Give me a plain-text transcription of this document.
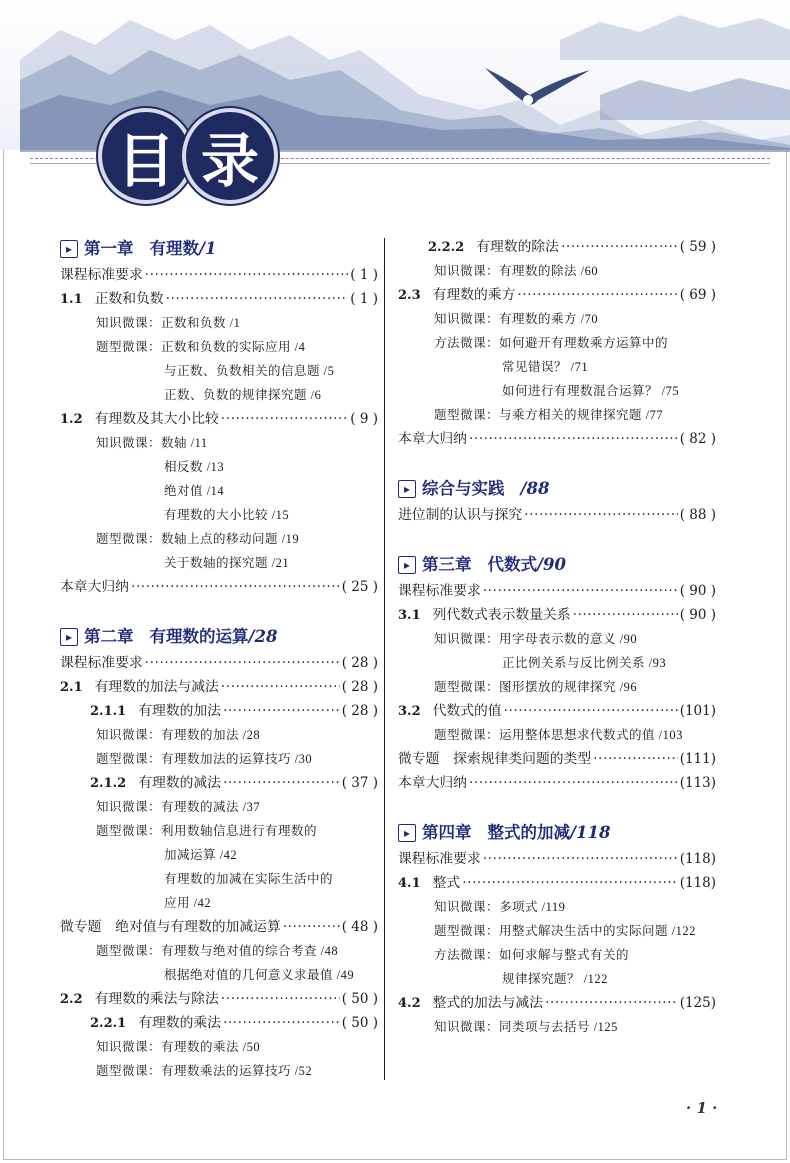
目 录
▸ 第一章 有理数 /1
课程标准要求 ·····	( 1 )
1.1 正数和负数 ·····	( 1 )
知识微课：正数和负数 /1
题型微课：正数和负数的实际应用 /4
与正数、负数相关的信息题 /5
正数、负数的规律探究题 /6
1.2 有理数及其大小比较 ·····	( 9 )
知识微课：数轴 /11
相反数 /13
绝对值 /14
有理数的大小比较 /15
题型微课：数轴上点的移动问题 /19
关于数轴的探究题 /21
本章大归纳 ·····	( 25 )
▸ 第二章 有理数的运算 /28
课程标准要求 ·····	( 28 )
2.1 有理数的加法与减法 ·····	( 28 )
2.1.1 有理数的加法 ·····	( 28 )
知识微课：有理数的加法 /28
题型微课：有理数加法的运算技巧 /30
2.1.2 有理数的减法 ·····	( 37 )
知识微课：有理数的减法 /37
题型微课：利用数轴信息进行有理数的
加减运算 /42
有理数的加减在实际生活中的
应用 /42
微专题　绝对值与有理数的加减运算 ·····	( 48 )
题型微课：有理数与绝对值的综合考查 /48
根据绝对值的几何意义求最值 /49
2.2 有理数的乘法与除法 ·····	( 50 )
2.2.1 有理数的乘法 ·····	( 50 )
知识微课：有理数的乘法 /50
题型微课：有理数乘法的运算技巧 /52
2.2.2 有理数的除法 ·····	( 59 )
知识微课：有理数的除法 /60
2.3 有理数的乘方 ·····	( 69 )
知识微课：有理数的乘方 /70
方法微课：如何避开有理数乘方运算中的
常见错误？ /71
如何进行有理数混合运算？ /75
题型微课：与乘方相关的规律探究题 /77
本章大归纳 ·····	( 82 )
▸ 综合与实践 /88
进位制的认识与探究 ·····	( 88 )
▸ 第三章 代数式 /90
课程标准要求 ·····	( 90 )
3.1 列代数式表示数量关系 ·····	( 90 )
知识微课：用字母表示数的意义 /90
正比例关系与反比例关系 /93
题型微课：图形摆放的规律探究 /96
3.2 代数式的值 ·····	(101)
题型微课：运用整体思想求代数式的值 /103
微专题　探索规律类问题的类型 ·····	(111)
本章大归纳 ·····	(113)
▸ 第四章 整式的加减 /118
课程标准要求 ·····	(118)
4.1 整式 ·····	(118)
知识微课：多项式 /119
题型微课：用整式解决生活中的实际问题 /122
方法微课：如何求解与整式有关的
规律探究题？ /122
4.2 整式的加法与减法 ·····	(125)
知识微课：同类项与去括号 /125
· 1 ·
